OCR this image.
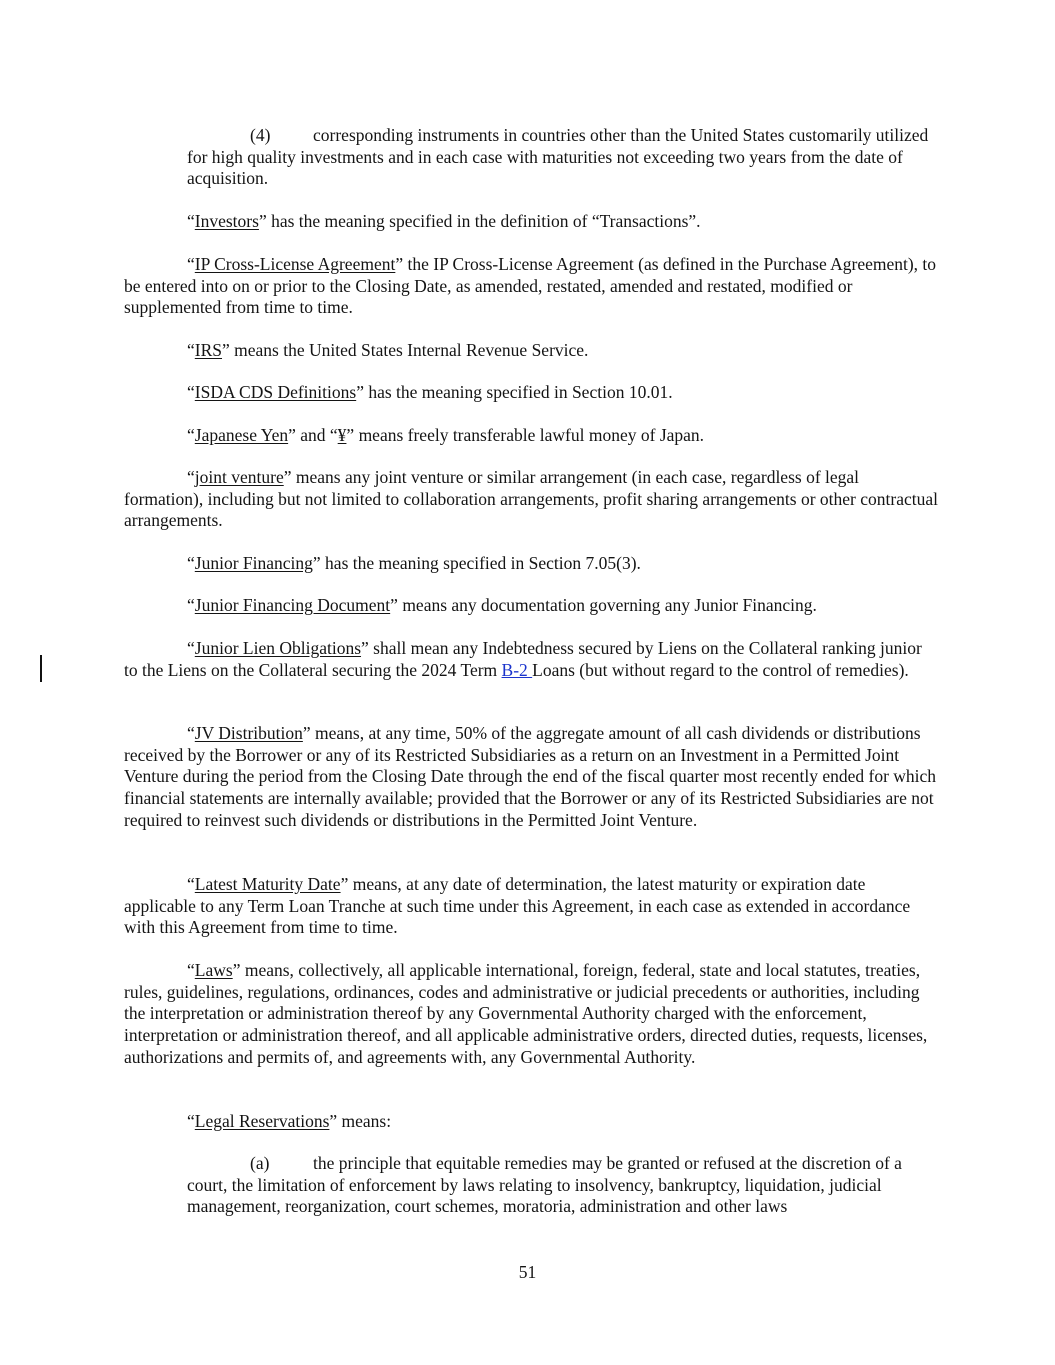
(4) corresponding instruments in countries other than the United States customarily utilized for high quality investments and in each case with maturities not exceeding two years from the date of acquisition.

“Investors” has the meaning specified in the definition of “Transactions”.

“IP Cross-License Agreement” the IP Cross-License Agreement (as defined in the Purchase Agreement), to be entered into on or prior to the Closing Date, as amended, restated, amended and restated, modified or supplemented from time to time.

“IRS” means the United States Internal Revenue Service.

“ISDA CDS Definitions” has the meaning specified in Section 10.01.

“Japanese Yen” and “¥” means freely transferable lawful money of Japan.

“joint venture” means any joint venture or similar arrangement (in each case, regardless of legal formation), including but not limited to collaboration arrangements, profit sharing arrangements or other contractual arrangements.

“Junior Financing” has the meaning specified in Section 7.05(3).

“Junior Financing Document” means any documentation governing any Junior Financing.

“Junior Lien Obligations” shall mean any Indebtedness secured by Liens on the Collateral ranking junior to the Liens on the Collateral securing the 2024 Term B-2 Loans (but without regard to the control of remedies).

“JV Distribution” means, at any time, 50% of the aggregate amount of all cash dividends or distributions received by the Borrower or any of its Restricted Subsidiaries as a return on an Investment in a Permitted Joint Venture during the period from the Closing Date through the end of the fiscal quarter most recently ended for which financial statements are internally available; provided that the Borrower or any of its Restricted Subsidiaries are not required to reinvest such dividends or distributions in the Permitted Joint Venture.

“Latest Maturity Date” means, at any date of determination, the latest maturity or expiration date applicable to any Term Loan Tranche at such time under this Agreement, in each case as extended in accordance with this Agreement from time to time.

“Laws” means, collectively, all applicable international, foreign, federal, state and local statutes, treaties, rules, guidelines, regulations, ordinances, codes and administrative or judicial precedents or authorities, including the interpretation or administration thereof by any Governmental Authority charged with the enforcement, interpretation or administration thereof, and all applicable administrative orders, directed duties, requests, licenses, authorizations and permits of, and agreements with, any Governmental Authority.

“Legal Reservations” means:

(a) the principle that equitable remedies may be granted or refused at the discretion of a court, the limitation of enforcement by laws relating to insolvency, bankruptcy, liquidation, judicial management, reorganization, court schemes, moratoria, administration and other laws

51
